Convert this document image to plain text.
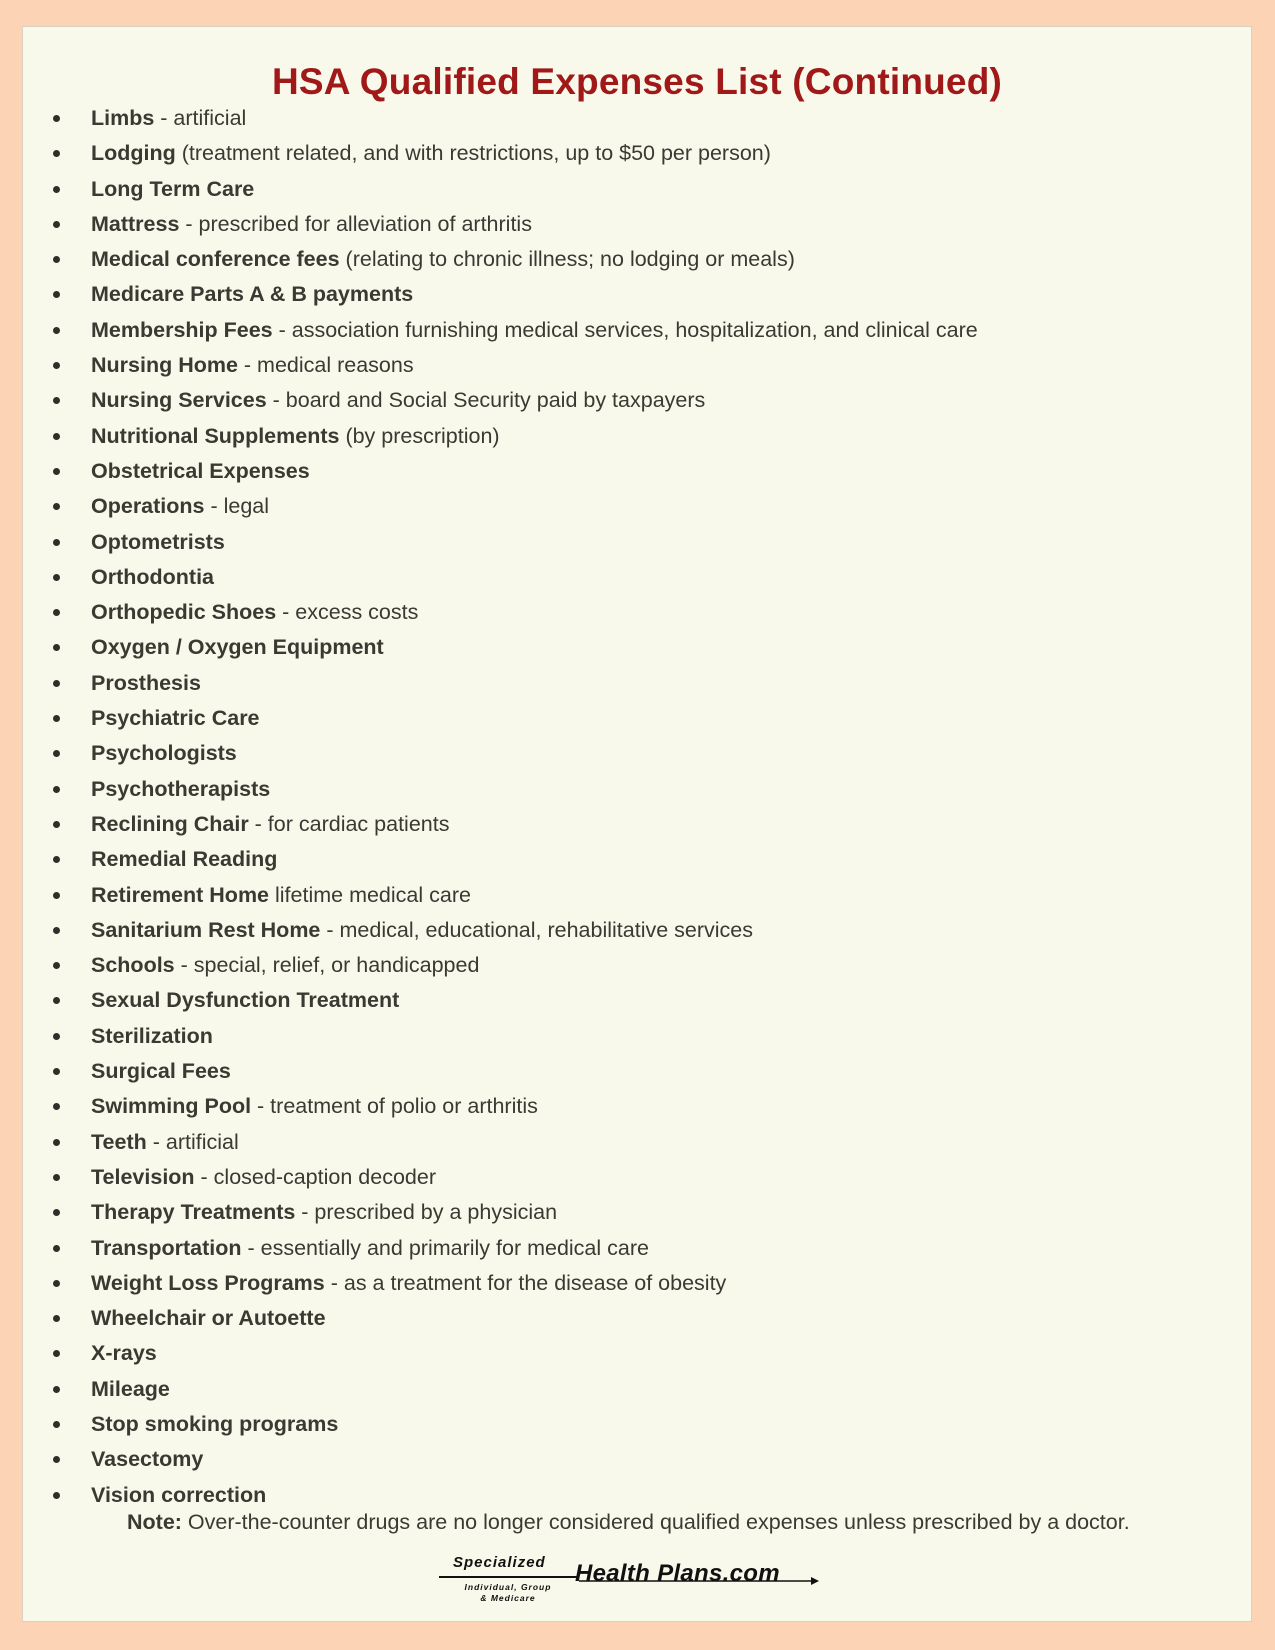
HSA Qualified Expenses List (Continued)
Limbs - artificial
Lodging (treatment related, and with restrictions, up to $50 per person)
Long Term Care
Mattress - prescribed for alleviation of arthritis
Medical conference fees (relating to chronic illness; no lodging or meals)
Medicare Parts A & B payments
Membership Fees - association furnishing medical services, hospitalization, and clinical care
Nursing Home - medical reasons
Nursing Services - board and Social Security paid by taxpayers
Nutritional Supplements (by prescription)
Obstetrical Expenses
Operations - legal
Optometrists
Orthodontia
Orthopedic Shoes - excess costs
Oxygen / Oxygen Equipment
Prosthesis
Psychiatric Care
Psychologists
Psychotherapists
Reclining Chair - for cardiac patients
Remedial Reading
Retirement Home lifetime medical care
Sanitarium Rest Home - medical, educational, rehabilitative services
Schools - special, relief, or handicapped
Sexual Dysfunction Treatment
Sterilization
Surgical Fees
Swimming Pool - treatment of polio or arthritis
Teeth - artificial
Television - closed-caption decoder
Therapy Treatments - prescribed by a physician
Transportation - essentially and primarily for medical care
Weight Loss Programs - as a treatment for the disease of obesity
Wheelchair or Autoette
X-rays
Mileage
Stop smoking programs
Vasectomy
Vision correction
Note: Over-the-counter drugs are no longer considered qualified expenses unless prescribed by a doctor.
Specialized
Individual, Group
& Medicare
Health Plans.com
